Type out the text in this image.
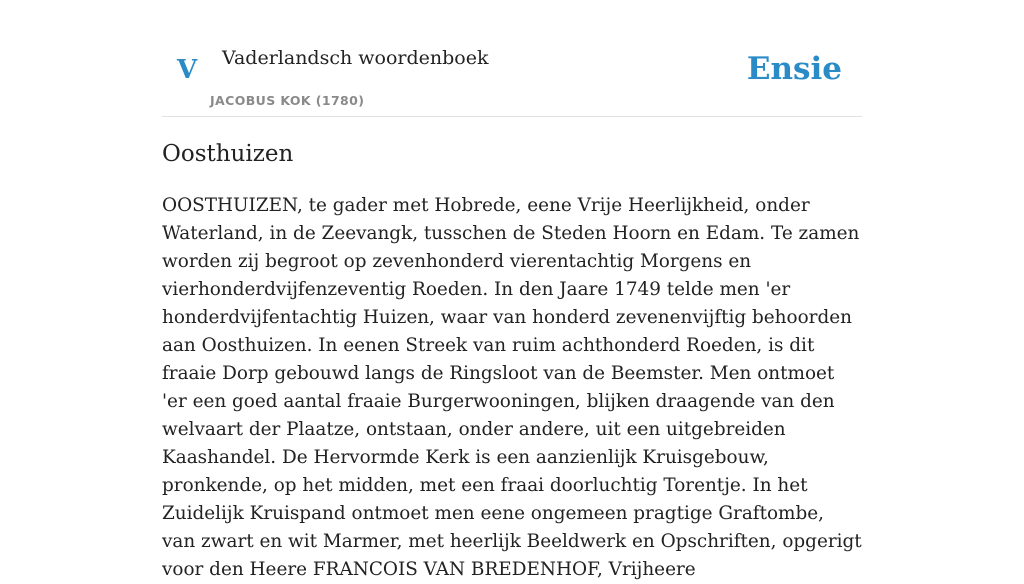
V Vaderlandsch woordenboek
JACOBUS KOK (1780)
Ensie
Oosthuizen

OOSTHUIZEN, te gader met Hobrede, eene Vrije Heerlijkheid, onder Waterland, in de Zeevangk, tusschen de Steden Hoorn en Edam. Te zamen worden zij begroot op zevenhonderd vierentachtig Morgens en vierhonderdvijfenzeventig Roeden. In den Jaare 1749 telde men 'er honderdvijfentachtig Huizen, waar van honderd zevenenvijftig behoorden aan Oosthuizen. In eenen Streek van ruim achthonderd Roeden, is dit fraaie Dorp gebouwd langs de Ringsloot van de Beemster. Men ontmoet 'er een goed aantal fraaie Burgerwooningen, blijken draagende van den welvaart der Plaatze, ontstaan, onder andere, uit een uitgebreiden Kaashandel. De Hervormde Kerk is een aanzienlijk Kruisgebouw, pronkende, op het midden, met een fraai doorluchtig Torentje. In het Zuidelijk Kruispand ontmoet men eene ongemeen pragtige Graftombe, van zwart en wit Marmer, met heerlijk Beeldwerk en Opschriften, opgerigt voor den Heere FRANCOIS VAN BREDENHOF, Vrijheere
